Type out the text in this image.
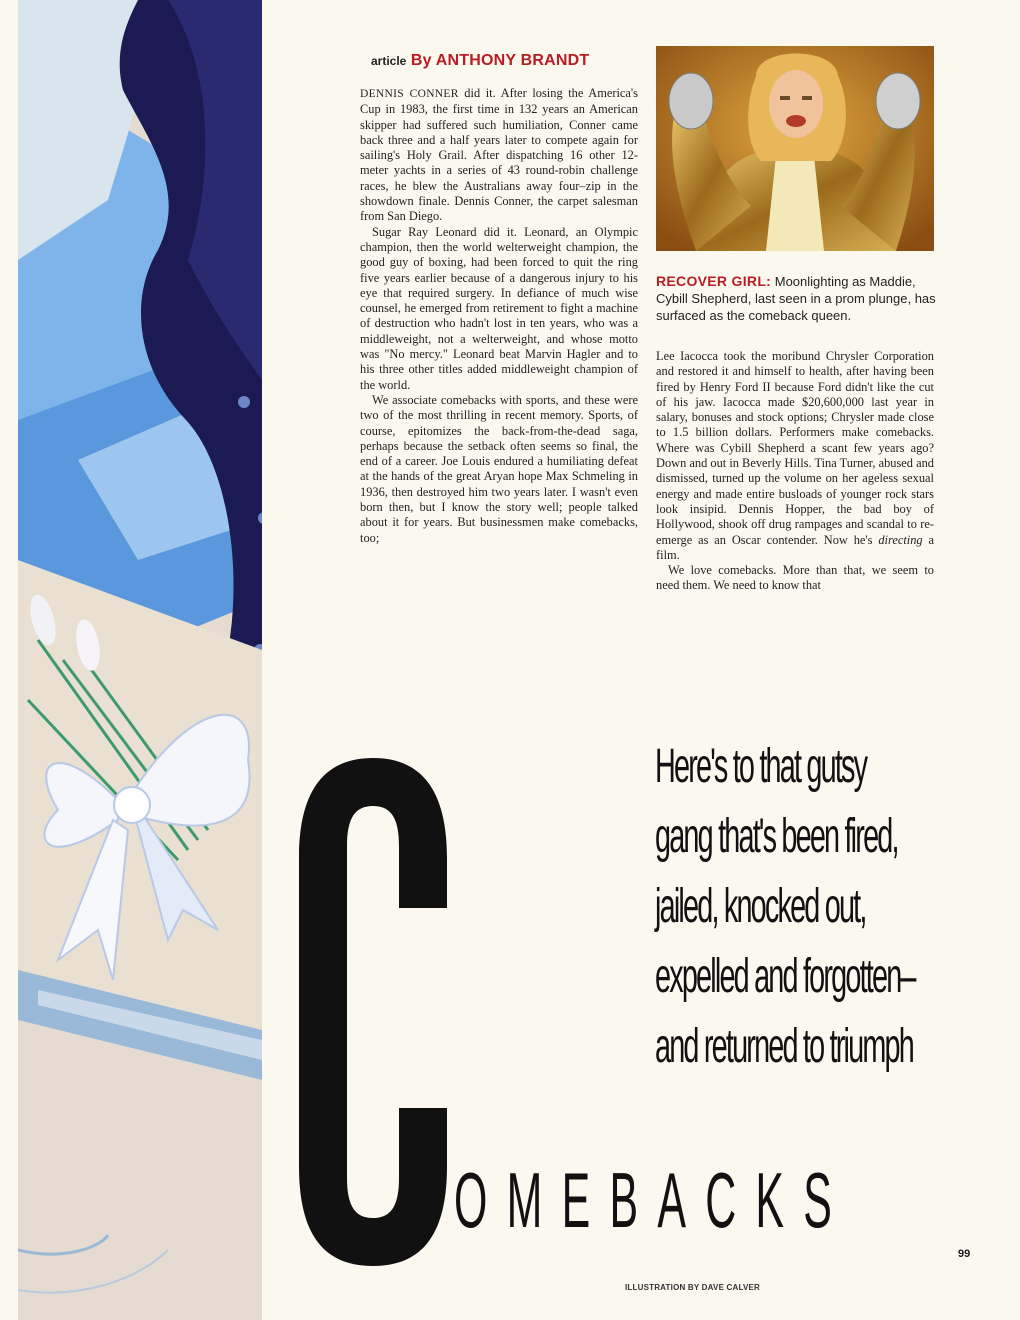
article By ANTHONY BRANDT

DENNIS CONNER did it. After losing the America's Cup in 1983, the first time in 132 years an American skipper had suffered such humiliation, Conner came back three and a half years later to compete again for sailing's Holy Grail. After dispatching 16 other 12-meter yachts in a series of 43 round-robin challenge races, he blew the Australians away four–zip in the showdown finale. Dennis Conner, the carpet salesman from San Diego.

Sugar Ray Leonard did it. Leonard, an Olympic champion, then the world welterweight champion, the good guy of boxing, had been forced to quit the ring five years earlier because of a dangerous injury to his eye that required surgery. In defiance of much wise counsel, he emerged from retirement to fight a machine of destruction who hadn't lost in ten years, who was a middleweight, not a welterweight, and whose motto was "No mercy." Leonard beat Marvin Hagler and to his three other titles added middleweight champion of the world.

We associate comebacks with sports, and these were two of the most thrilling in recent memory. Sports, of course, epitomizes the back-from-the-dead saga, perhaps because the setback often seems so final, the end of a career. Joe Louis endured a humiliating defeat at the hands of the great Aryan hope Max Schmeling in 1936, then destroyed him two years later. I wasn't even born then, but I know the story well; people talked about it for years. But businessmen make comebacks, too;

RECOVER GIRL: Moonlighting as Maddie, Cybill Shepherd, last seen in a prom plunge, has surfaced as the comeback queen.

Lee Iacocca took the moribund Chrysler Corporation and restored it and himself to health, after having been fired by Henry Ford II because Ford didn't like the cut of his jaw. Iacocca made $20,600,000 last year in salary, bonuses and stock options; Chrysler made close to 1.5 billion dollars. Performers make comebacks. Where was Cybill Shepherd a scant few years ago? Down and out in Beverly Hills. Tina Turner, abused and dismissed, turned up the volume on her ageless sexual energy and made entire busloads of younger rock stars look insipid. Dennis Hopper, the bad boy of Hollywood, shook off drug rampages and scandal to re-emerge as an Oscar contender. Now he's directing a film.

We love comebacks. More than that, we seem to need them. We need to know that

Here's to that gutsy
gang that's been fired,
jailed, knocked out,
expelled and forgotten–
and returned to triumph
OMEBACKS
99
ILLUSTRATION BY DAVE CALVER
